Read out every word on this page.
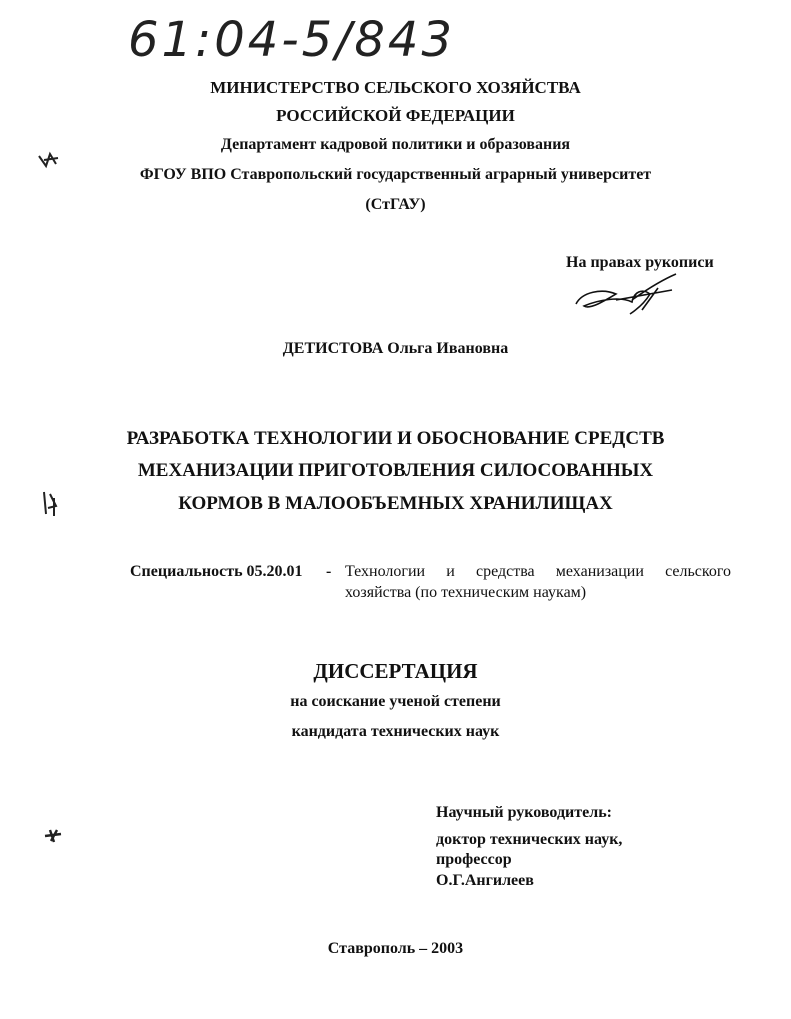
61:04-5/843
МИНИСТЕРСТВО СЕЛЬСКОГО ХОЗЯЙСТВА
РОССИЙСКОЙ ФЕДЕРАЦИИ
Департамент кадровой политики и образования
ФГОУ ВПО Ставропольский государственный аграрный университет
(СтГАУ)
На правах рукописи
ДЕТИСТОВА Ольга Ивановна
РАЗРАБОТКА ТЕХНОЛОГИИ И ОБОСНОВАНИЕ СРЕДСТВ
МЕХАНИЗАЦИИ ПРИГОТОВЛЕНИЯ СИЛОСОВАННЫХ
КОРМОВ В МАЛООБЪЕМНЫХ ХРАНИЛИЩАХ
Специальность 05.20.01 - Технологии и средства механизации сельского
хозяйства (по техническим наукам)
ДИССЕРТАЦИЯ
на соискание ученой степени
кандидата технических наук
Научный руководитель:
доктор технических наук,
профессор
О.Г.Ангилеев
Ставрополь – 2003
